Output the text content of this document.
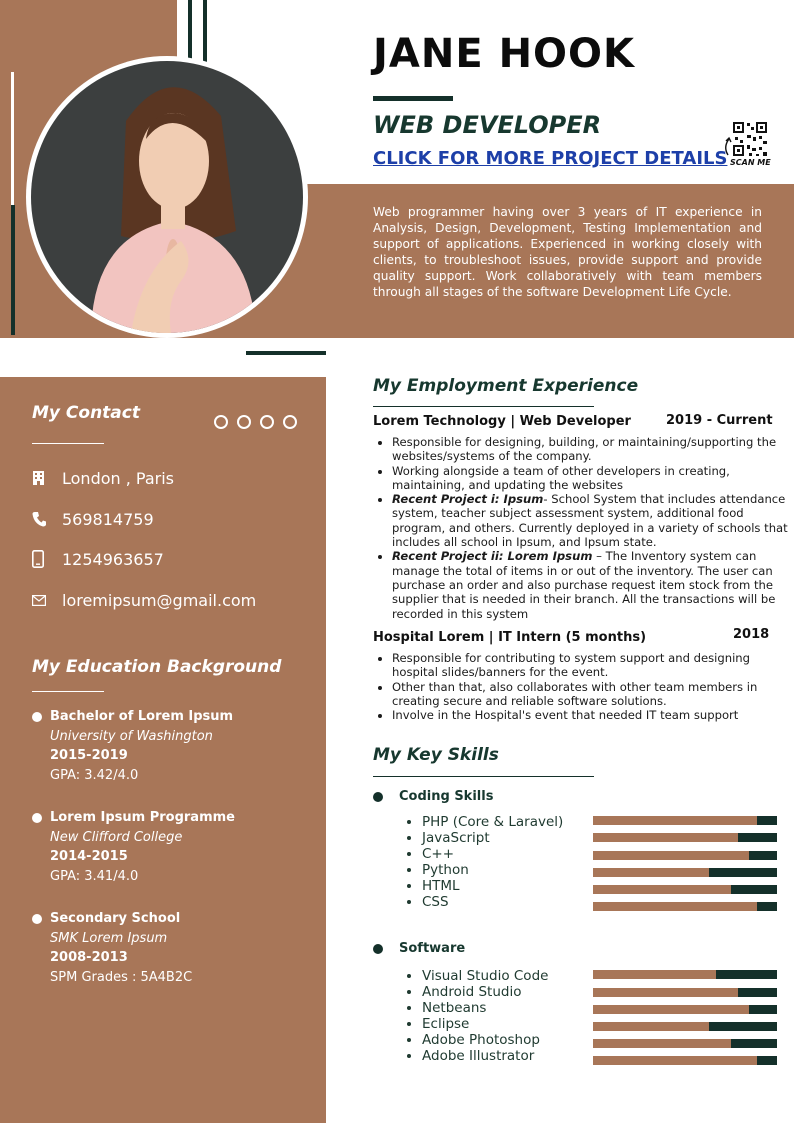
JANE HOOK
WEB DEVELOPER
CLICK FOR MORE PROJECT DETAILS SCAN ME
Web programmer having over 3 years of IT experience in Analysis, Design, Development, Testing Implementation and support of applications. Experienced in working closely with clients, to troubleshoot issues, provide support and provide quality support. Work collaboratively with team members through all stages of the software Development Life Cycle.
My Contact
London , Paris
569814759
1254963657
loremipsum@gmail.com
My Education Background
Bachelor of Lorem Ipsum
University of Washington
2015-2019
GPA: 3.42/4.0
Lorem Ipsum Programme
New Clifford College
2014-2015
GPA: 3.41/4.0
Secondary School
SMK Lorem Ipsum
2008-2013
SPM Grades : 5A4B2C
My Employment Experience
Lorem Technology | Web Developer	2019 - Current
• Responsible for designing, building, or maintaining/supporting the websites/systems of the company.
• Working alongside a team of other developers in creating, maintaining, and updating the websites
• Recent Project i: Ipsum- School System that includes attendance system, teacher subject assessment system, additional food program, and others. Currently deployed in a variety of schools that includes all school in Ipsum, and Ipsum state.
• Recent Project ii: Lorem Ipsum – The Inventory system can manage the total of items in or out of the inventory. The user can purchase an order and also purchase request item stock from the supplier that is needed in their branch. All the transactions will be recorded in this system
Hospital Lorem | IT Intern (5 months)	2018
• Responsible for contributing to system support and designing hospital slides/banners for the event.
• Other than that, also collaborates with other team members in creating secure and reliable software solutions.
• Involve in the Hospital's event that needed IT team support
My Key Skills
Coding Skills
• PHP (Core & Laravel)
• JavaScript
• C++
• Python
• HTML
• CSS
Software
• Visual Studio Code
• Android Studio
• Netbeans
• Eclipse
• Adobe Photoshop
• Adobe Illustrator
